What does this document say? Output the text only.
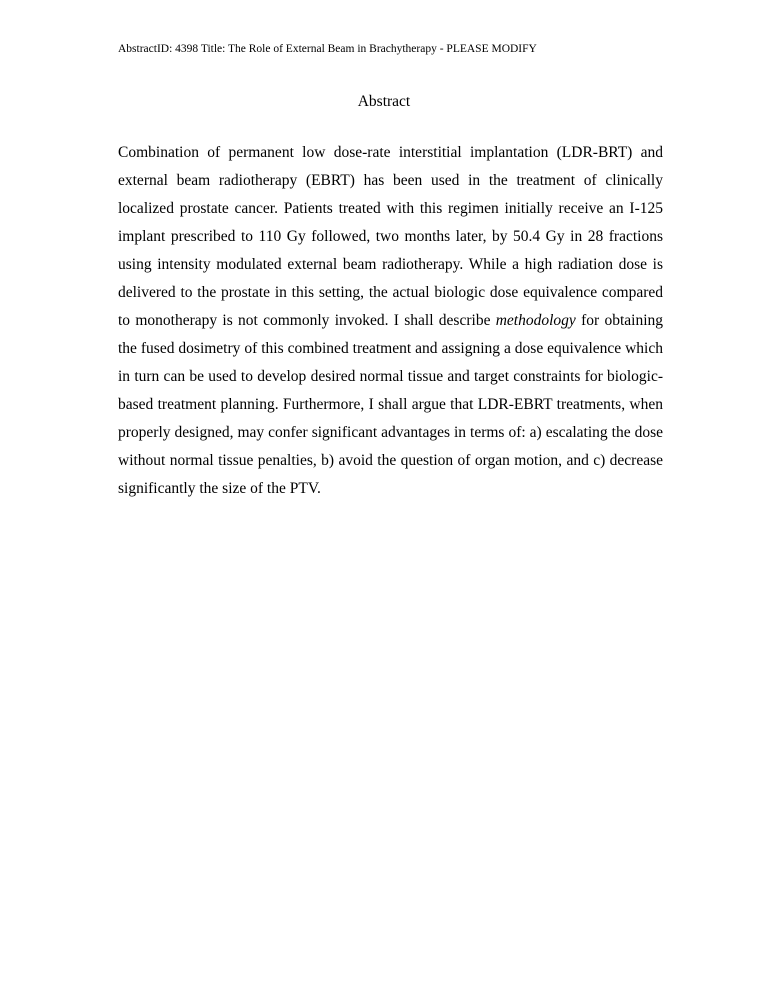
AbstractID: 4398 Title: The Role of External Beam in Brachytherapy - PLEASE MODIFY
Abstract

Combination of permanent low dose-rate interstitial implantation (LDR-BRT) and external beam radiotherapy (EBRT) has been used in the treatment of clinically localized prostate cancer. Patients treated with this regimen initially receive an I-125 implant prescribed to 110 Gy followed, two months later, by 50.4 Gy in 28 fractions using intensity modulated external beam radiotherapy. While a high radiation dose is delivered to the prostate in this setting, the actual biologic dose equivalence compared to monotherapy is not commonly invoked. I shall describe methodology for obtaining the fused dosimetry of this combined treatment and assigning a dose equivalence which in turn can be used to develop desired normal tissue and target constraints for biologic-based treatment planning. Furthermore, I shall argue that LDR-EBRT treatments, when properly designed, may confer significant advantages in terms of: a) escalating the dose without normal tissue penalties, b) avoid the question of organ motion, and c) decrease significantly the size of the PTV.
